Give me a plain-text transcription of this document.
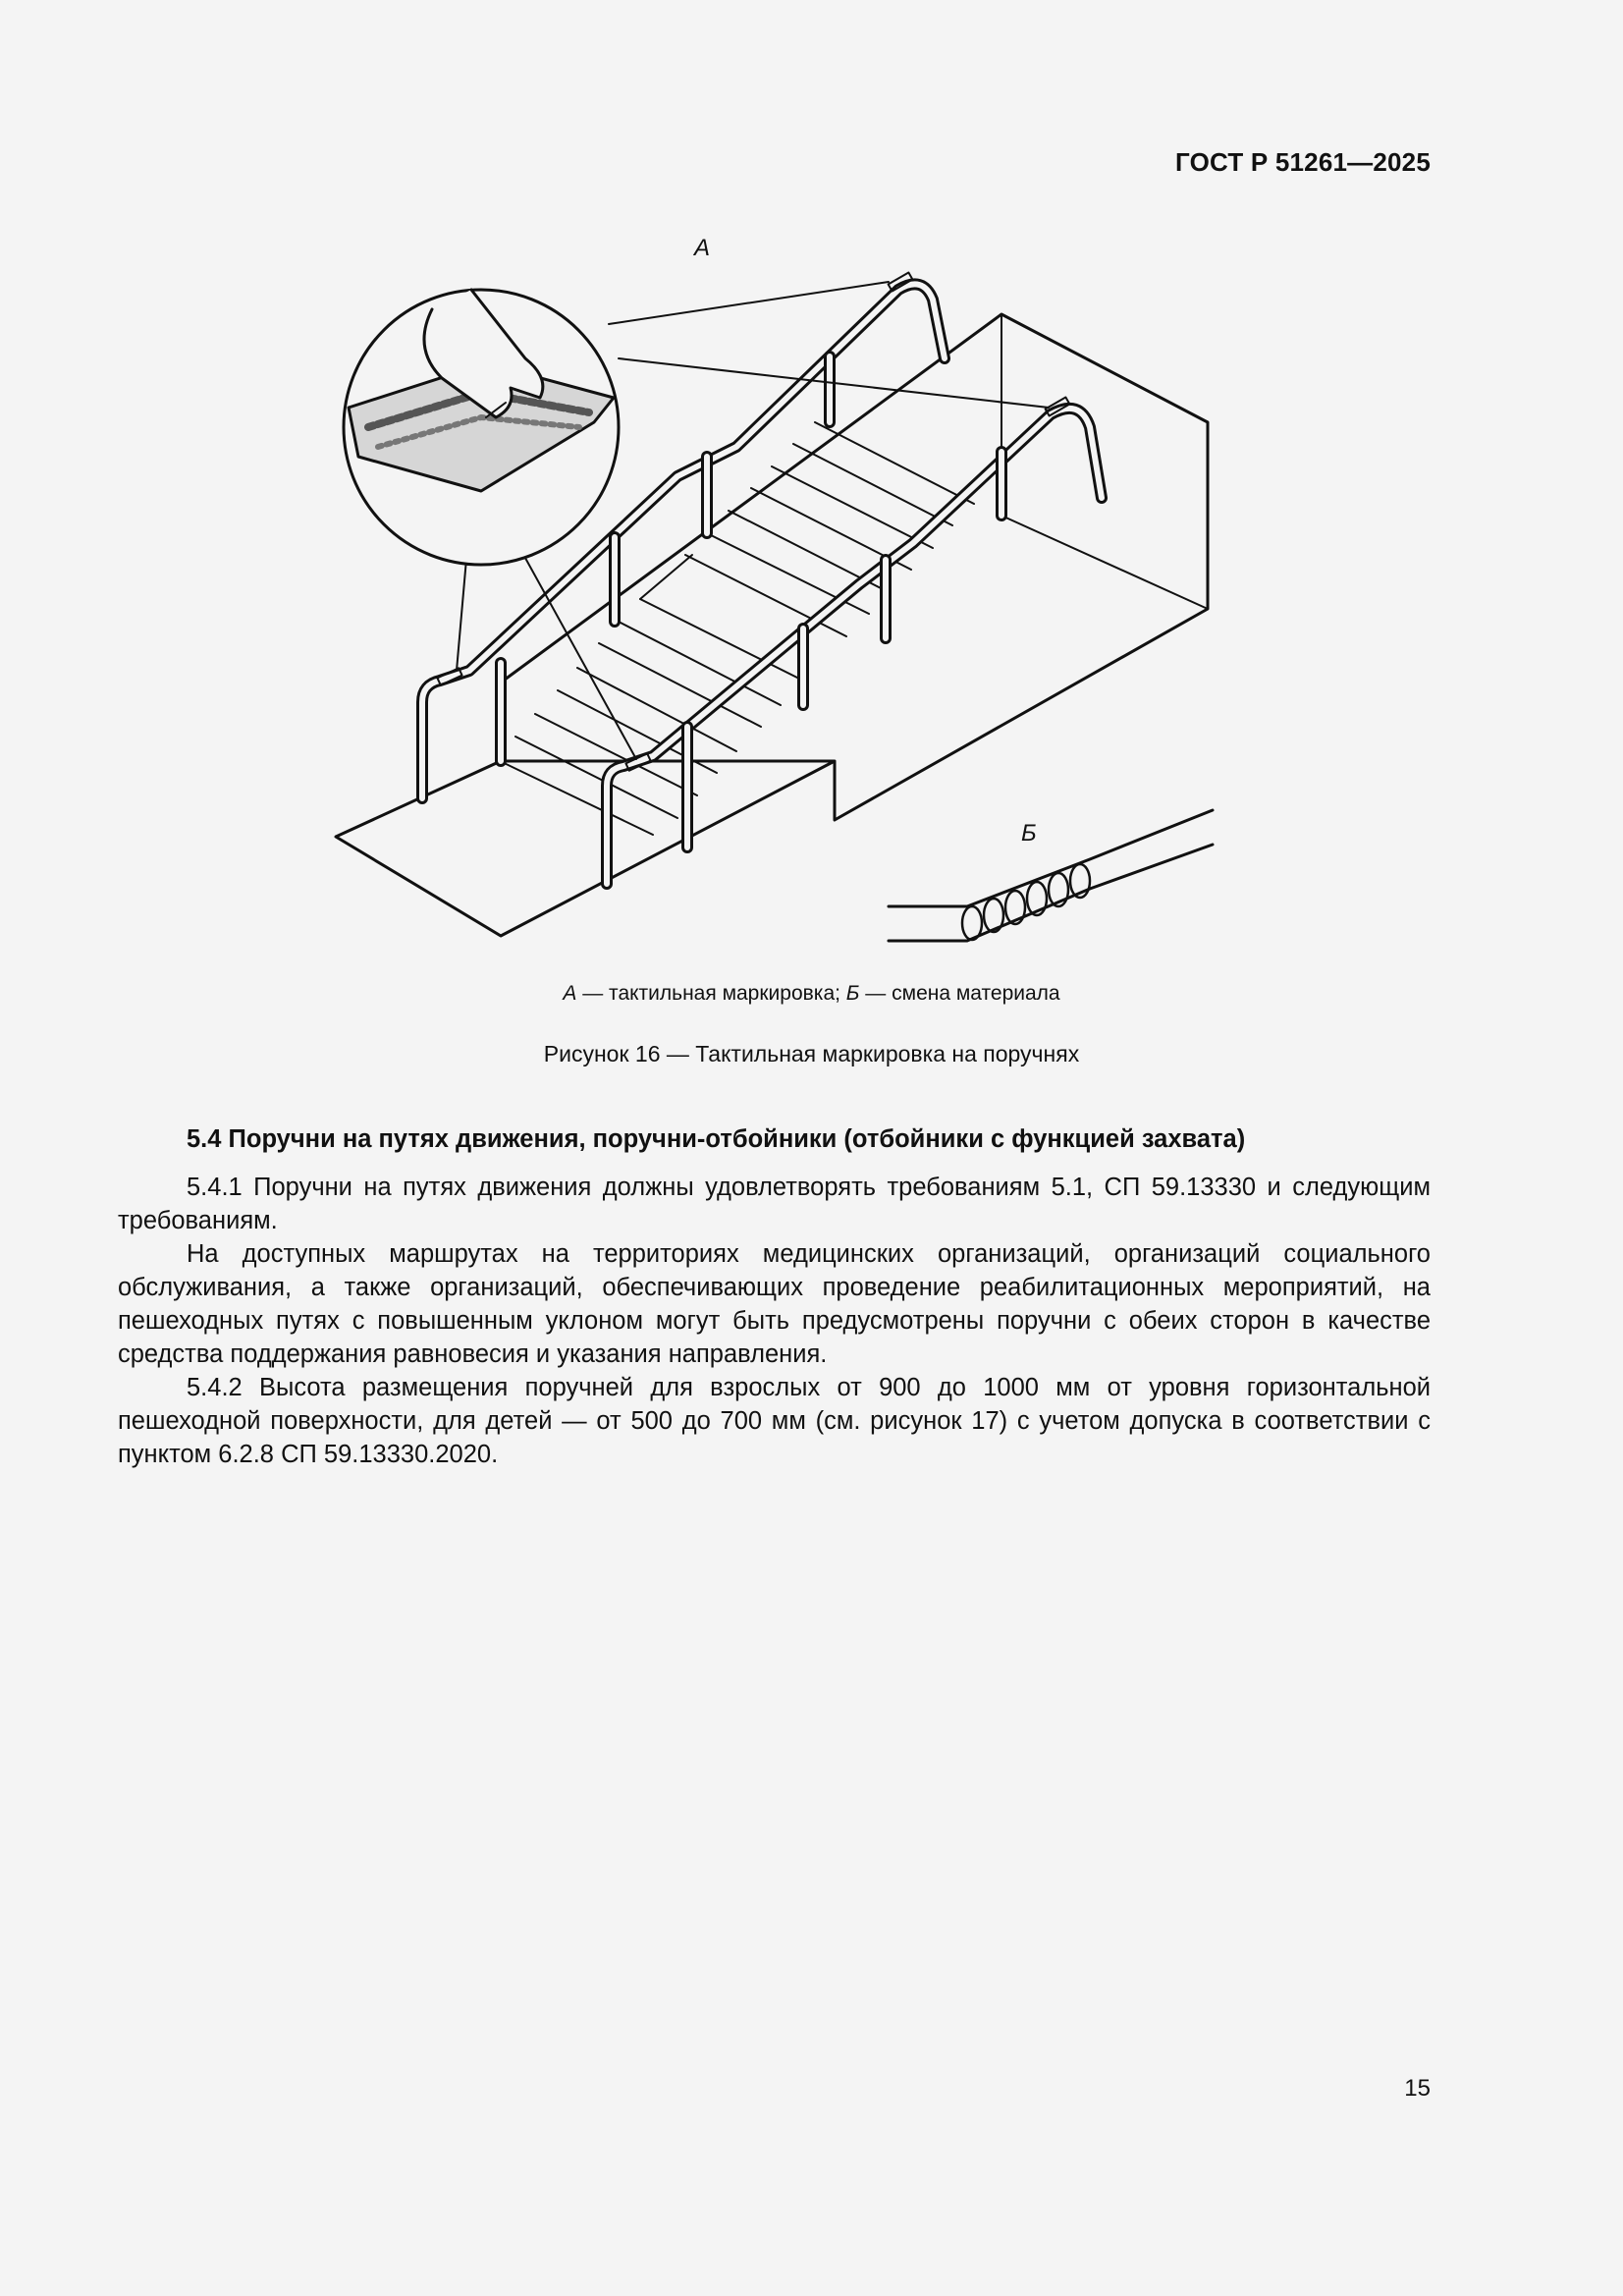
ГОСТ Р 51261—2025
А
Б
А — тактильная маркировка; Б — смена материала
Рисунок 16 — Тактильная маркировка на поручнях
5.4 Поручни на путях движения, поручни-отбойники (отбойники с функцией захвата)

5.4.1 Поручни на путях движения должны удовлетворять требованиям 5.1, СП 59.13330 и следующим требованиям.

На доступных маршрутах на территориях медицинских организаций, организаций социального обслуживания, а также организаций, обеспечивающих проведение реабилитационных мероприятий, на пешеходных путях с повышенным уклоном могут быть предусмотрены поручни с обеих сторон в качестве средства поддержания равновесия и указания направления.

5.4.2 Высота размещения поручней для взрослых от 900 до 1000 мм от уровня горизонтальной пешеходной поверхности, для детей — от 500 до 700 мм (см. рисунок 17) с учетом допуска в соответствии с пунктом 6.2.8 СП 59.13330.2020.

15
